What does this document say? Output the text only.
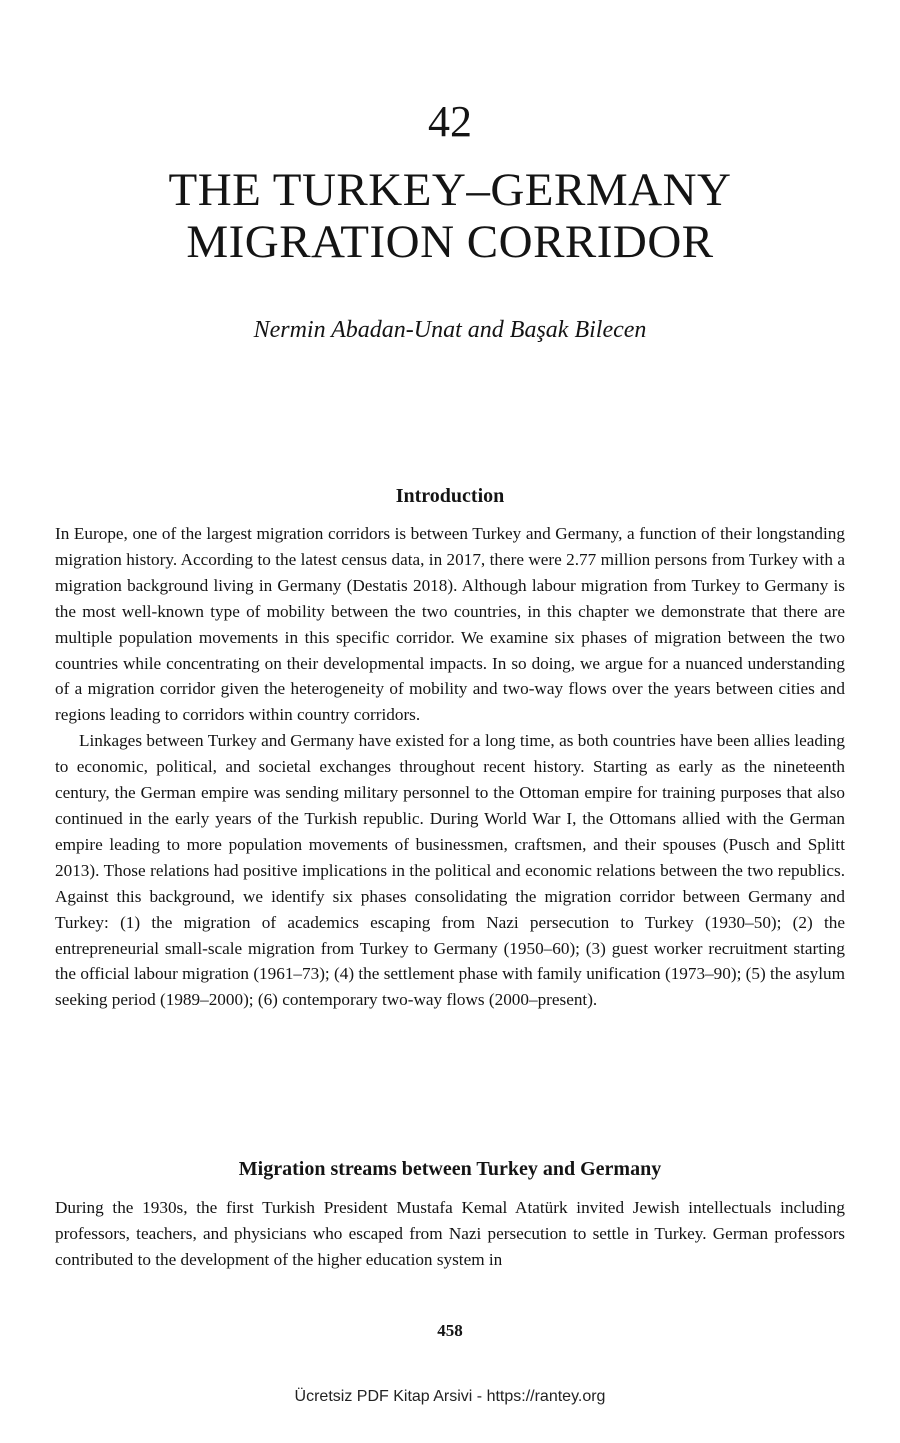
42
THE TURKEY–GERMANY
MIGRATION CORRIDOR
Nermin Abadan-Unat and Başak Bilecen
Introduction

In Europe, one of the largest migration corridors is between Turkey and Germany, a function of their longstanding migration history. According to the latest census data, in 2017, there were 2.77 million persons from Turkey with a migration background living in Germany (Destatis 2018). Although labour migration from Turkey to Germany is the most well-known type of mobility between the two countries, in this chapter we demonstrate that there are multiple population movements in this specific corridor. We examine six phases of migration between the two countries while concentrating on their developmental impacts. In so doing, we argue for a nuanced understanding of a migration corridor given the heterogeneity of mobility and two-way flows over the years between cities and regions leading to corridors within country corridors.

Linkages between Turkey and Germany have existed for a long time, as both countries have been allies leading to economic, political, and societal exchanges throughout recent history. Starting as early as the nineteenth century, the German empire was sending military personnel to the Ottoman empire for training purposes that also continued in the early years of the Turkish republic. During World War I, the Ottomans allied with the German empire leading to more population movements of businessmen, craftsmen, and their spouses (Pusch and Splitt 2013). Those relations had positive implications in the political and economic relations between the two republics. Against this background, we identify six phases consolidating the migration corridor between Germany and Turkey: (1) the migration of academics escaping from Nazi persecution to Turkey (1930–50); (2) the entrepreneurial small-scale migration from Turkey to Germany (1950–60); (3) guest worker recruitment starting the official labour migration (1961–73); (4) the settlement phase with family unification (1973–90); (5) the asylum seeking period (1989–2000); (6) contemporary two-way flows (2000–present).

Migration streams between Turkey and Germany

During the 1930s, the first Turkish President Mustafa Kemal Atatürk invited Jewish intellectuals including professors, teachers, and physicians who escaped from Nazi persecution to settle in Turkey. German professors contributed to the development of the higher education system in

458
Ücretsiz PDF Kitap Arsivi - https://rantey.org
